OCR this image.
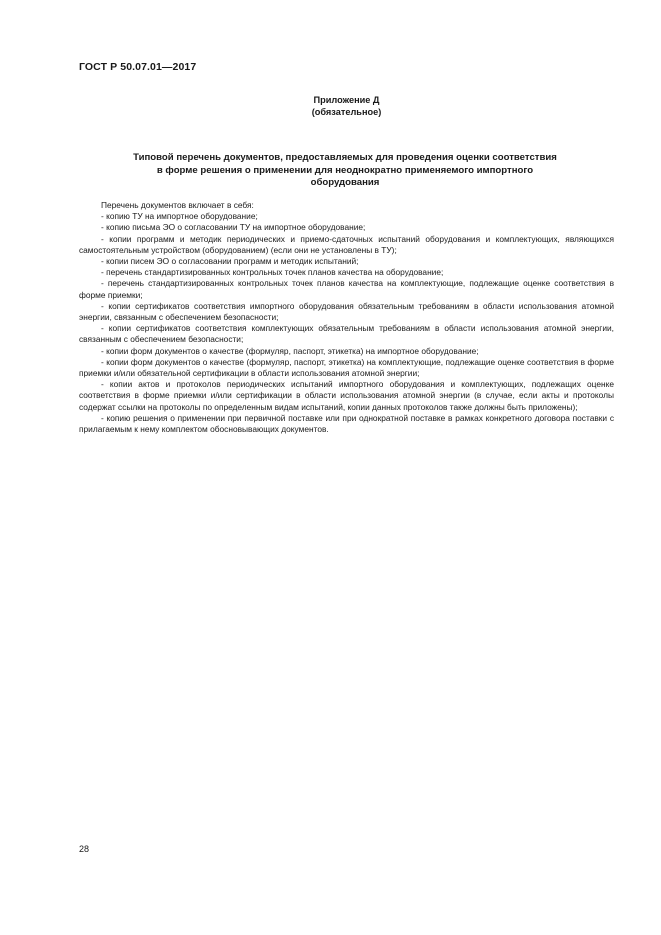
ГОСТ Р 50.07.01—2017
Приложение Д
(обязательное)
Типовой перечень документов, предоставляемых для проведения оценки соответствия в форме решения о применении для неоднократно применяемого импортного оборудования

Перечень документов включает в себя:

- копию ТУ на импортное оборудование;

- копию письма ЭО о согласовании ТУ на импортное оборудование;

- копии программ и методик периодических и приемо-сдаточных испытаний оборудования и комплектующих, являющихся самостоятельным устройством (оборудованием) (если они не установлены в ТУ);

- копии писем ЭО о согласовании программ и методик испытаний;

- перечень стандартизированных контрольных точек планов качества на оборудование;

- перечень стандартизированных контрольных точек планов качества на комплектующие, подлежащие оценке соответствия в форме приемки;

- копии сертификатов соответствия импортного оборудования обязательным требованиям в области использования атомной энергии, связанным с обеспечением безопасности;

- копии сертификатов соответствия комплектующих обязательным требованиям в области использования атомной энергии, связанным с обеспечением безопасности;

- копии форм документов о качестве (формуляр, паспорт, этикетка) на импортное оборудование;

- копии форм документов о качестве (формуляр, паспорт, этикетка) на комплектующие, подлежащие оценке соответствия в форме приемки и/или обязательной сертификации в области использования атомной энергии;

- копии актов и протоколов периодических испытаний импортного оборудования и комплектующих, подлежащих оценке соответствия в форме приемки и/или сертификации в области использования атомной энергии (в случае, если акты и протоколы содержат ссылки на протоколы по определенным видам испытаний, копии данных протоколов также должны быть приложены);

- копию решения о применении при первичной поставке или при однократной поставке в рамках конкретного договора поставки с прилагаемым к нему комплектом обосновывающих документов.

28
